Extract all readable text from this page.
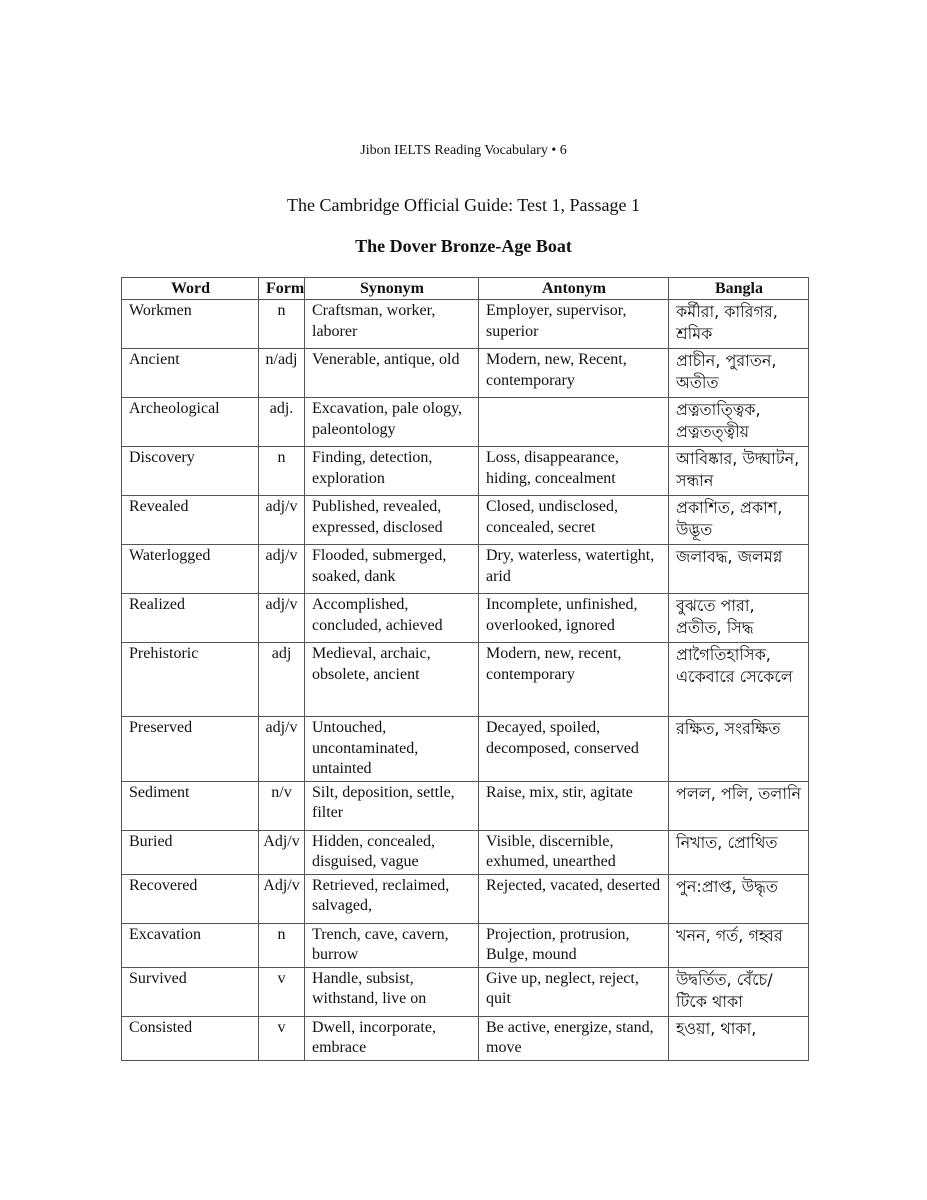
Jibon IELTS Reading Vocabulary • 6
The Cambridge Official Guide: Test 1, Passage 1
The Dover Bronze-Age Boat
Word	Form	Synonym	Antonym	Bangla
Workmen	n	Craftsman, worker, laborer	Employer, supervisor, superior	কর্মীরা, কারিগর, শ্রমিক
Ancient	n/adj	Venerable, antique, old	Modern, new, Recent, contemporary	প্রাচীন, পুরাতন, অতীত
Archeological	adj.	Excavation, pale ology, paleontology		প্রত্নতাত্ত্বিক, প্রত্নতত্ত্বীয়
Discovery	n	Finding, detection, exploration	Loss, disappearance, hiding, concealment	আবিষ্কার, উদ্ঘাটন, সন্ধান
Revealed	adj/v	Published, revealed, expressed, disclosed	Closed, undisclosed, concealed, secret	প্রকাশিত, প্রকাশ, উদ্ভূত
Waterlogged	adj/v	Flooded, submerged, soaked, dank	Dry, waterless, watertight, arid	জলাবদ্ধ, জলমগ্ন
Realized	adj/v	Accomplished, concluded, achieved	Incomplete, unfinished, overlooked, ignored	বুঝতে পারা, প্রতীত, সিদ্ধ
Prehistoric	adj	Medieval, archaic, obsolete, ancient	Modern, new, recent, contemporary	প্রাগৈতিহাসিক, একেবারে সেকেলে
Preserved	adj/v	Untouched, uncontaminated, untainted	Decayed, spoiled, decomposed, conserved	রক্ষিত, সংরক্ষিত
Sediment	n/v	Silt, deposition, settle, filter	Raise, mix, stir, agitate	পলল, পলি, তলানি
Buried	Adj/v	Hidden, concealed, disguised, vague	Visible, discernible, exhumed, unearthed	নিখাত, প্রোথিত
Recovered	Adj/v	Retrieved, reclaimed, salvaged,	Rejected, vacated, deserted	পুন:প্রাপ্ত, উদ্ধৃত
Excavation	n	Trench, cave, cavern, burrow	Projection, protrusion, Bulge, mound	খনন, গর্ত, গহ্বর
Survived	v	Handle, subsist, withstand, live on	Give up, neglect, reject, quit	উদ্বর্তিত, বেঁচে/টিকে থাকা
Consisted	v	Dwell, incorporate, embrace	Be active, energize, stand, move	হওয়া, থাকা,
